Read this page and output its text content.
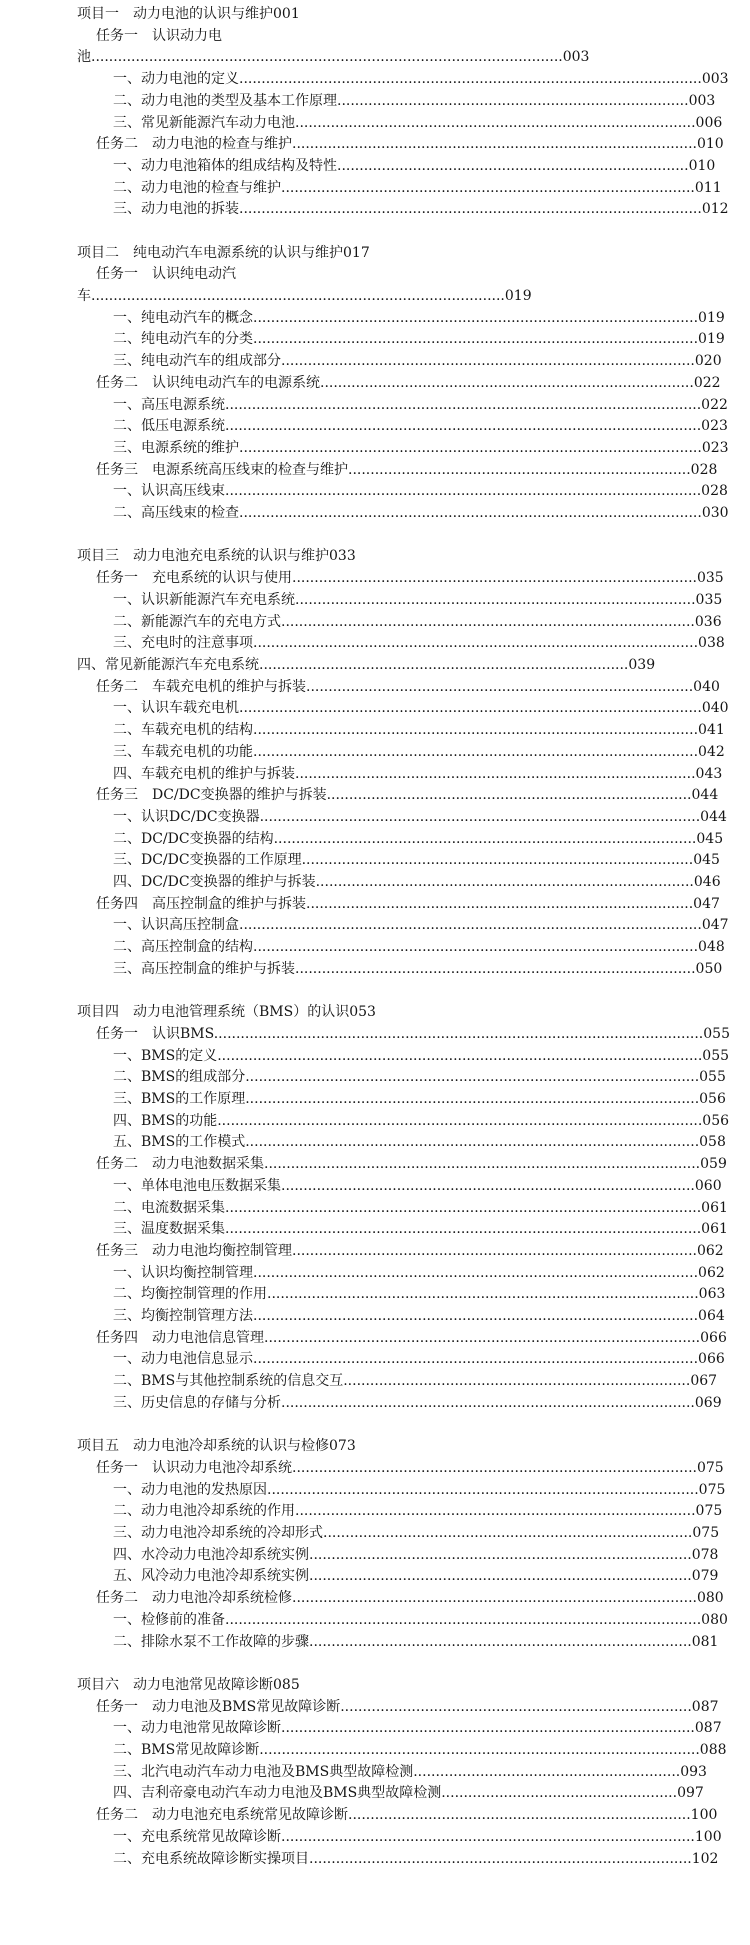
项目一　动力电池的认识与维护001
任务一　认识动力电
池..........................................................................................................003
一、动力电池的定义........................................................................................................003
二、动力电池的类型及基本工作原理...............................................................................003
三、常见新能源汽车动力电池..........................................................................................006
任务二　动力电池的检查与维护...........................................................................................010
一、动力电池箱体的组成结构及特性...............................................................................010
二、动力电池的检查与维护.............................................................................................011
三、动力电池的拆装........................................................................................................012
项目二　纯电动汽车电源系统的认识与维护017
任务一　认识纯电动汽
车.............................................................................................019
一、纯电动汽车的概念....................................................................................................019
二、纯电动汽车的分类....................................................................................................019
三、纯电动汽车的组成部分.............................................................................................020
任务二　认识纯电动汽车的电源系统....................................................................................022
一、高压电源系统...........................................................................................................022
二、低压电源系统...........................................................................................................023
三、电源系统的维护........................................................................................................023
任务三　电源系统高压线束的检查与维护.............................................................................028
一、认识高压线束...........................................................................................................028
二、高压线束的检查........................................................................................................030
项目三　动力电池充电系统的认识与维护033
任务一　充电系统的认识与使用...........................................................................................035
一、认识新能源汽车充电系统..........................................................................................035
二、新能源汽车的充电方式.............................................................................................036
三、充电时的注意事项....................................................................................................038
四、常见新能源汽车充电系统...................................................................................039
任务二　车载充电机的维护与拆装.......................................................................................040
一、认识车载充电机........................................................................................................040
二、车载充电机的结构....................................................................................................041
三、车载充电机的功能....................................................................................................042
四、车载充电机的维护与拆装..........................................................................................043
任务三　DC/DC变换器的维护与拆装..................................................................................044
一、认识DC/DC变换器...................................................................................................044
二、DC/DC变换器的结构...............................................................................................045
三、DC/DC变换器的工作原理........................................................................................045
四、DC/DC变换器的维护与拆装.....................................................................................046
任务四　高压控制盒的维护与拆装.......................................................................................047
一、认识高压控制盒........................................................................................................047
二、高压控制盒的结构....................................................................................................048
三、高压控制盒的维护与拆装..........................................................................................050
项目四　动力电池管理系统（BMS）的认识053
任务一　认识BMS..............................................................................................................055
一、BMS的定义.............................................................................................................055
二、BMS的组成部分......................................................................................................055
三、BMS的工作原理......................................................................................................056
四、BMS的功能.............................................................................................................056
五、BMS的工作模式......................................................................................................058
任务二　动力电池数据采集..................................................................................................059
一、单体电池电压数据采集.............................................................................................060
二、电流数据采集...........................................................................................................061
三、温度数据采集...........................................................................................................061
任务三　动力电池均衡控制管理...........................................................................................062
一、认识均衡控制管理....................................................................................................062
二、均衡控制管理的作用.................................................................................................063
三、均衡控制管理方法....................................................................................................064
任务四　动力电池信息管理..................................................................................................066
一、动力电池信息显示....................................................................................................066
二、BMS与其他控制系统的信息交互..............................................................................067
三、历史信息的存储与分析.............................................................................................069
项目五　动力电池冷却系统的认识与检修073
任务一　认识动力电池冷却系统...........................................................................................075
一、动力电池的发热原因.................................................................................................075
二、动力电池冷却系统的作用..........................................................................................075
三、动力电池冷却系统的冷却形式...................................................................................075
四、水冷动力电池冷却系统实例......................................................................................078
五、风冷动力电池冷却系统实例......................................................................................079
任务二　动力电池冷却系统检修...........................................................................................080
一、检修前的准备...........................................................................................................080
二、排除水泵不工作故障的步骤......................................................................................081
项目六　动力电池常见故障诊断085
任务一　动力电池及BMS常见故障诊断...............................................................................087
一、动力电池常见故障诊断.............................................................................................087
二、BMS常见故障诊断...................................................................................................088
三、北汽电动汽车动力电池及BMS典型故障检测............................................................093
四、吉利帝豪电动汽车动力电池及BMS典型故障检测.....................................................097
任务二　动力电池充电系统常见故障诊断.............................................................................100
一、充电系统常见故障诊断.............................................................................................100
二、充电系统故障诊断实操项目......................................................................................102
